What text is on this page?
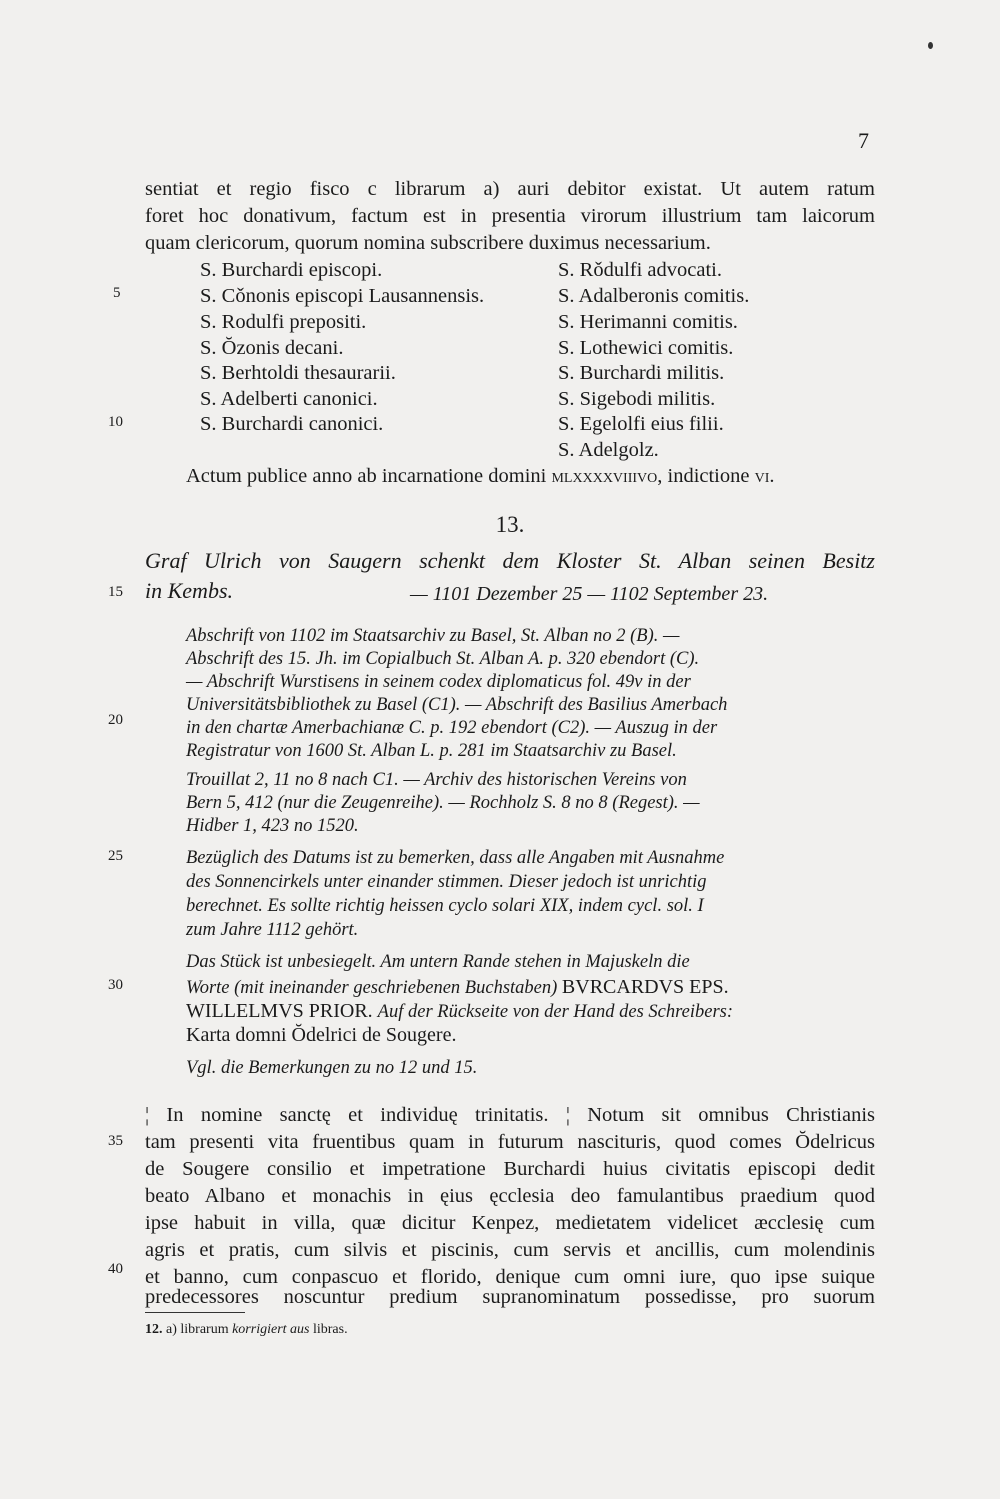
7
sentiat et regio fisco c librarum a) auri debitor existat. Ut autem ratum
foret hoc donativum, factum est in presentia virorum illustrium tam laicorum
quam clericorum, quorum nomina subscribere duximus necessarium.
S. Burchardi episcopi.
S. Cǒnonis episcopi Lausannensis.
S. Rodulfi prepositi.
S. Ŏzonis decani.
S. Berhtoldi thesaurarii.
S. Adelberti canonici.
S. Burchardi canonici.
S. Rǒdulfi advocati.
S. Adalberonis comitis.
S. Herimanni comitis.
S. Lothewici comitis.
S. Burchardi militis.
S. Sigebodi militis.
S. Egelolfi eius filii.
S. Adelgolz.
Actum publice anno ab incarnatione domini mlxxxxviiivo, indictione vi.
13.
Graf Ulrich von Saugern schenkt dem Kloster St. Alban seinen Besitz
in Kembs.	— 1101 Dezember 25 — 1102 September 23.
Abschrift von 1102 im Staatsarchiv zu Basel, St. Alban no 2 (B). —
Abschrift des 15. Jh. im Copialbuch St. Alban A. p. 320 ebendort (C).
— Abschrift Wurstisens in seinem codex diplomaticus fol. 49v in der
Universitätsbibliothek zu Basel (C1). — Abschrift des Basilius Amerbach
in den chartæ Amerbachianæ C. p. 192 ebendort (C2). — Auszug in der
Registratur von 1600 St. Alban L. p. 281 im Staatsarchiv zu Basel.
Trouillat 2, 11 no 8 nach C1. — Archiv des historischen Vereins von
Bern 5, 412 (nur die Zeugenreihe). — Rochholz S. 8 no 8 (Regest). —
Hidber 1, 423 no 1520.
Bezüglich des Datums ist zu bemerken, dass alle Angaben mit Ausnahme
des Sonnencirkels unter einander stimmen. Dieser jedoch ist unrichtig
berechnet. Es sollte richtig heissen cyclo solari XIX, indem cycl. sol. I
zum Jahre 1112 gehört.
Das Stück ist unbesiegelt. Am untern Rande stehen in Majuskeln die
Worte (mit ineinander geschriebenen Buchstaben) BVRCARDVS EPS.
WILLELMVS PRIOR. Auf der Rückseite von der Hand des Schreibers:
Karta domni Ŏdelrici de Sougere.
Vgl. die Bemerkungen zu no 12 und 15.
¦ In nomine sanctę et individuę trinitatis. ¦ Notum sit omnibus Christianis
tam presenti vita fruentibus quam in futurum nascituris, quod comes Ŏdelricus
de Sougere consilio et impetratione Burchardi huius civitatis episcopi dedit
beato Albano et monachis in ęius ęcclesia deo famulantibus praedium quod
ipse habuit in villa, quæ dicitur Kenpez, medietatem videlicet æcclesię cum
agris et pratis, cum silvis et piscinis, cum servis et ancillis, cum molendinis
et banno, cum conpascuo et florido, denique cum omni iure, quo ipse suique
predecessores noscuntur predium supranominatum possedisse, pro suorum
5
10
15
20
25
30
35
40
12. a) librarum korrigiert aus libras.
